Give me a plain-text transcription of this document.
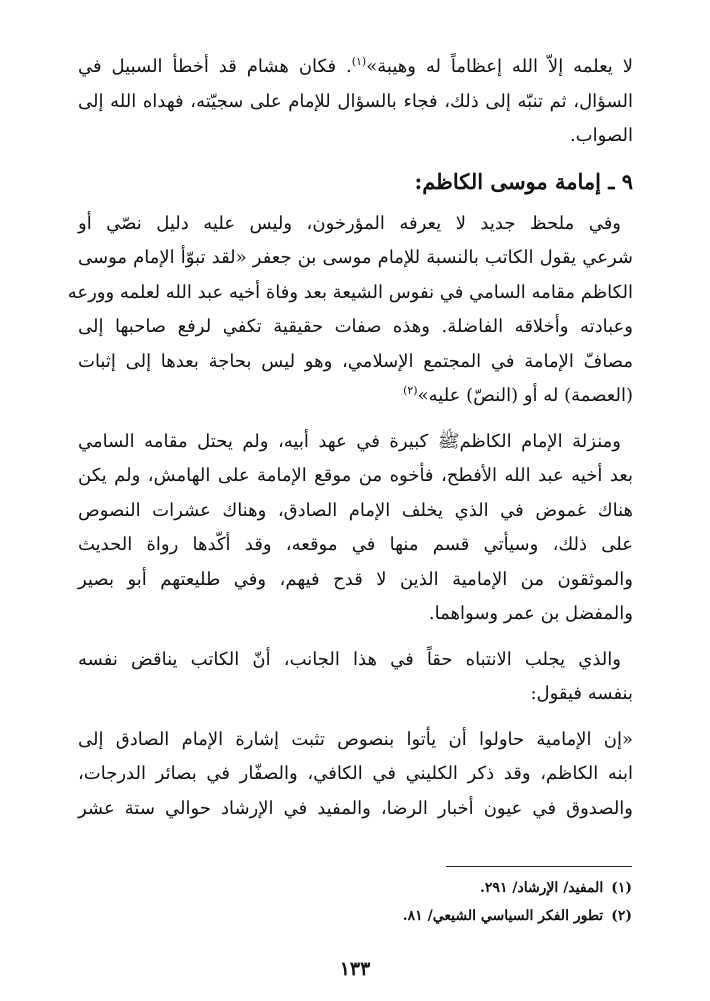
لا يعلمه إلاّ الله إعظاماً له وهيبة»$^{(١)}$. فكان هشام قد أخطأ السبيل في
السؤال، ثم تنبّه إلى ذلك، فجاء بالسؤال للإمام على سجيّته، فهداه الله إلى
الصواب.

٩ ـ إمامة موسى الكاظم:

وفي ملحظ جديد لا يعرفه المؤرخون، وليس عليه دليل نصّي أو
شرعي يقول الكاتب بالنسبة للإمام موسى بن جعفر «لقد تبوّأ الإمام موسى
الكاظم مقامه السامي في نفوس الشيعة بعد وفاة أخيه عبد الله لعلمه وورعه
وعبادته وأخلاقه الفاضلة. وهذه صفات حقيقية تكفي لرفع صاحبها إلى
مصافّ الإمامة في المجتمع الإسلامي، وهو ليس بحاجة بعدها إلى إثبات
(العصمة) له أو (النصّ) عليه»$^{(٢)}$

ومنزلة الإمام الكاظمﷺ كبيرة في عهد أبيه، ولم يحتل مقامه السامي
بعد أخيه عبد الله الأفطح، فأخوه من موقع الإمامة على الهامش، ولم يكن
هناك غموض في الذي يخلف الإمام الصادق، وهناك عشرات النصوص
على ذلك، وسيأتي قسم منها في موقعه، وقد أكّدها رواة الحديث
والموثقون من الإمامية الذين لا قدح فيهم، وفي طليعتهم أبو بصير
والمفضل بن عمر وسواهما.

والذي يجلب الانتباه حقاً في هذا الجانب، أنّ الكاتب يناقض نفسه
بنفسه فيقول:

«إن الإمامية حاولوا أن يأتوا بنصوص تثبت إشارة الإمام الصادق إلى
ابنه الكاظم، وقد ذكر الكليني في الكافي، والصفّار في بصائر الدرجات،
والصدوق في عيون أخبار الرضا، والمفيد في الإرشاد حوالي ستة عشر

(١)المفيد/ الإرشاد/ ٢٩١.
(٢)تطور الفكر السياسي الشيعي/ ٨١.
١٣٣
